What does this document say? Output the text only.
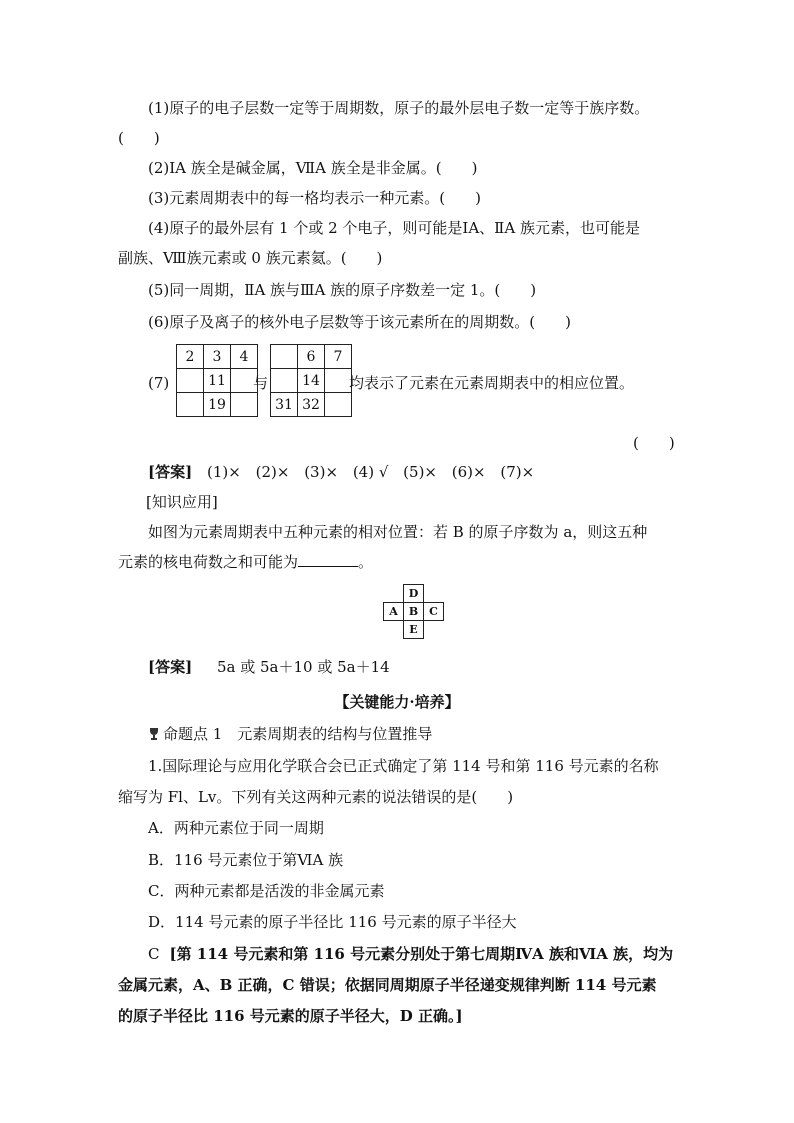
(1)原子的电子层数一定等于周期数，原子的最外层电子数一定等于族序数。
(　　)
(2)ⅠA 族全是碱金属，ⅦA 族全是非金属。(　　)
(3)元素周期表中的每一格均表示一种元素。(　　)
(4)原子的最外层有 1 个或 2 个电子，则可能是ⅠA、ⅡA 族元素，也可能是
副族、Ⅷ族元素或 0 族元素氦。(　　)
(5)同一周期，ⅡA 族与ⅢA 族的原子序数差一定 1。(　　)
(6)原子及离子的核外电子层数等于该元素所在的周期数。(　　)
(7)
2	3	4
	11	
	19	
与
	6	7
	14	
31	32	
均表示了元素在元素周期表中的相应位置。
(　　)
[答案] (1)× (2)× (3)× (4) √ (5)× (6)× (7)×
[知识应用]
如图为元素周期表中五种元素的相对位置：若 B 的原子序数为 a，则这五种
元素的核电荷数之和可能为	。
	D	
A	B	C
	E	
[答案] 5a 或 5a＋10 或 5a＋14
【关键能力·培养】
命题点 1　元素周期表的结构与位置推导
1.国际理论与应用化学联合会已正式确定了第 114 号和第 116 号元素的名称
缩写为 Fl、Lv。下列有关这两种元素的说法错误的是(　　)
A．两种元素位于同一周期
B．116 号元素位于第ⅥA 族
C．两种元素都是活泼的非金属元素
D．114 号元素的原子半径比 116 号元素的原子半径大
C [第 114 号元素和第 116 号元素分别处于第七周期ⅣA 族和ⅥA 族，均为
金属元素，A、B 正确，C 错误；依据同周期原子半径递变规律判断 114 号元素
的原子半径比 116 号元素的原子半径大，D 正确。]
